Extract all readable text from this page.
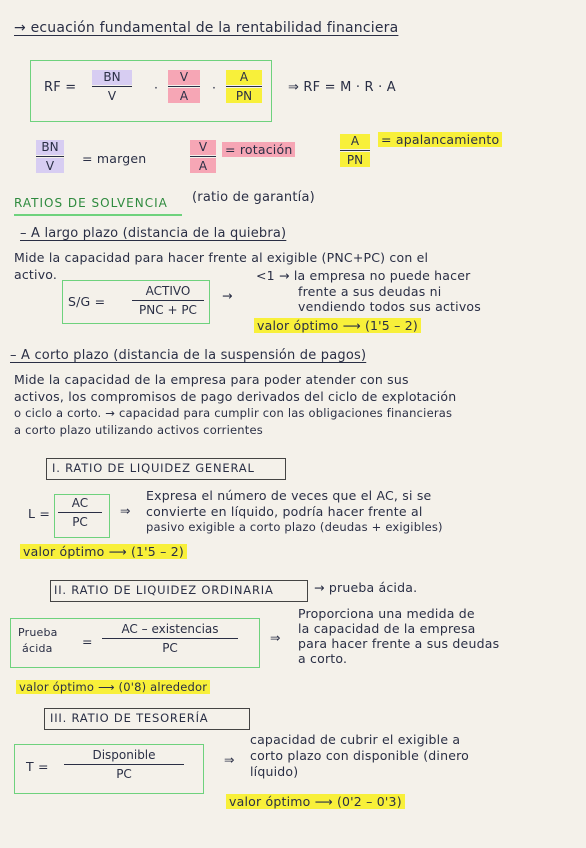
→ ecuación fundamental de la rentabilidad financiera
RF =
BN
V
·
V
A
·
A
PN
⇒ RF = M · R · A
BN
V
= margen
V
A
= rotación
A
PN
= apalancamiento
RATIOS DE SOLVENCIA (ratio de garantía)
– A largo plazo (distancia de la quiebra)
Mide la capacidad para hacer frente al exigible (PNC+PC) con el
activo.
S/G =
ACTIVO
PNC + PC
→
<1 → la empresa no puede hacer
frente a sus deudas ni
vendiendo todos sus activos
valor óptimo ⟶ (1'5 – 2)
– A corto plazo (distancia de la suspensión de pagos)
Mide la capacidad de la empresa para poder atender con sus
activos, los compromisos de pago derivados del ciclo de explotación
o ciclo a corto. → capacidad para cumplir con las obligaciones financieras
a corto plazo utilizando activos corrientes
I. RATIO DE LIQUIDEZ GENERAL
L =
AC
PC
⇒
Expresa el número de veces que el AC, si se
convierte en líquido, podría hacer frente al
pasivo exigible a corto plazo (deudas + exigibles)
valor óptimo ⟶ (1'5 – 2)
II. RATIO DE LIQUIDEZ ORDINARIA	→ prueba ácida.
Prueba
ácida =
AC – existencias
PC
⇒
Proporciona una medida de
la capacidad de la empresa
para hacer frente a sus deudas
a corto.
valor óptimo ⟶ (0'8) alrededor
III. RATIO DE TESORERÍA
T =
Disponible
PC
⇒
capacidad de cubrir el exigible a
corto plazo con disponible (dinero
líquido)
valor óptimo ⟶ (0'2 – 0'3)
